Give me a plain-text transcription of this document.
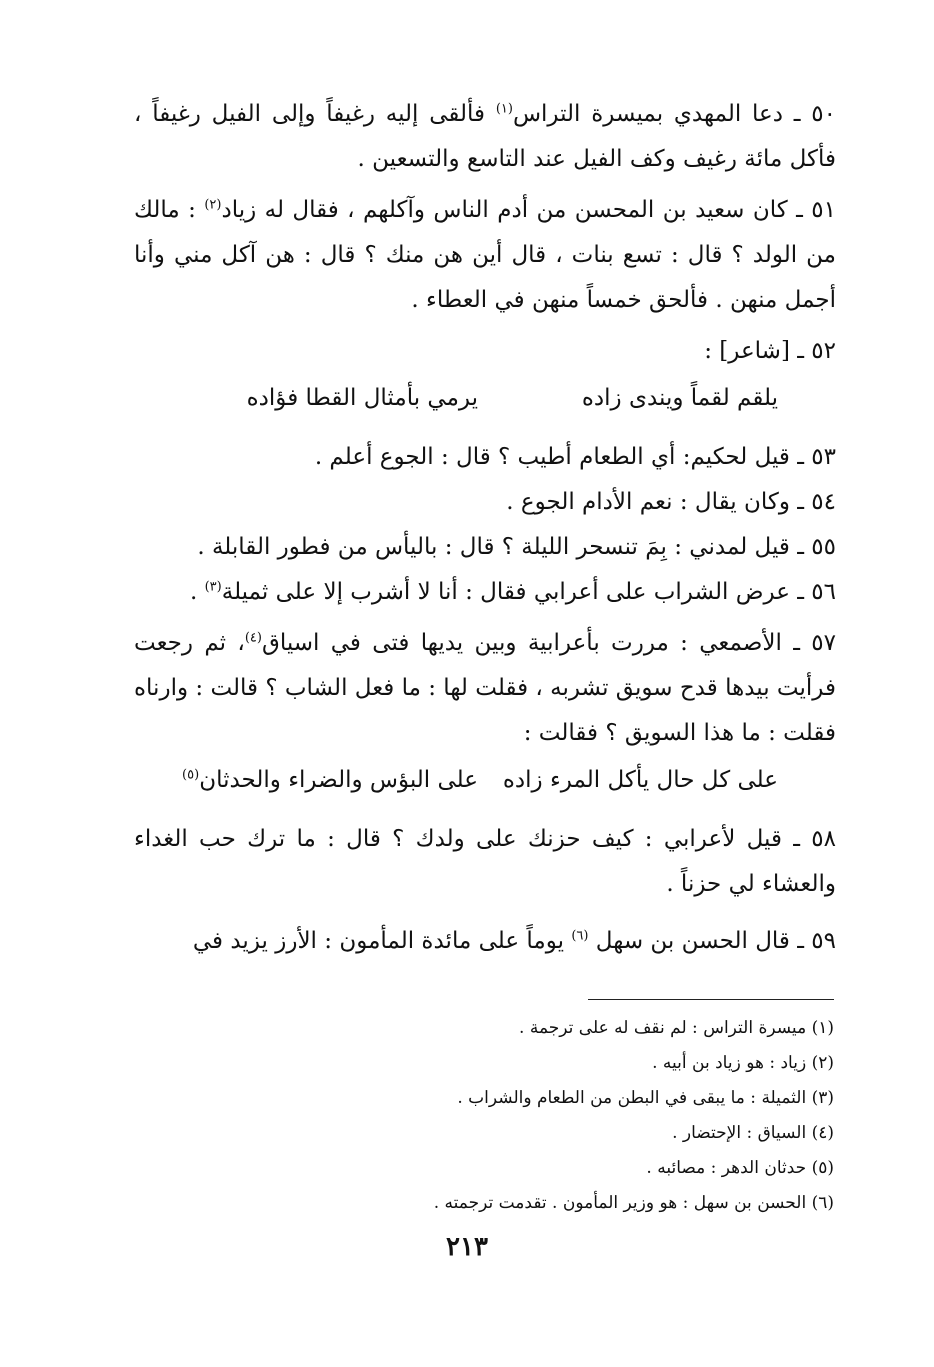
٥٠ ـ دعا المهدي بميسرة التراس$^{(١)}$ فألقى إليه رغيفاً وإلى الفيل رغيفاً ، فأكل مائة رغيف وكف الفيل عند التاسع والتسعين .

٥١ ـ كان سعيد بن المحسن من أدم الناس وآكلهم ، فقال له زياد$^{(٢)}$ : مالك من الولد ؟ قال : تسع بنات ، قال أين هن منك ؟ قال : هن آكل مني وأنا أجمل منهن . فألحق خمساً منهن في العطاء .

٥٢ ـ [شاعر] :

يلقم لقماً ويندى زاده
يرمي بأمثال القطا فؤاده

٥٣ ـ قيل لحكيم: أي الطعام أطيب ؟ قال : الجوع أعلم .

٥٤ ـ وكان يقال : نعم الأدام الجوع .

٥٥ ـ قيل لمدني : بِمَ تنسحر الليلة ؟ قال : باليأس من فطور القابلة .

٥٦ ـ عرض الشراب على أعرابي فقال : أنا لا أشرب إلا على ثميلة$^{(٣)}$ .

٥٧ ـ الأصمعي : مررت بأعرابية وبين يديها فتى في اسياق$^{(٤)}$، ثم رجعت فرأيت بيدها قدح سويق تشربه ، فقلت لها : ما فعل الشاب ؟ قالت : وارناه فقلت : ما هذا السويق ؟ فقالت :

على كل حال يأكل المرء زاده
على البؤس والضراء والحدثان$^{(٥)}$

٥٨ ـ قيل لأعرابي : كيف حزنك على ولدك ؟ قال : ما ترك حب الغداء والعشاء لي حزناً .

٥٩ ـ قال الحسن بن سهل $^{(٦)}$ يوماً على مائدة المأمون : الأرز يزيد في

(١) ميسرة التراس : لم نقف له على ترجمة .
(٢) زياد : هو زياد بن أبيه .
(٣) الثميلة : ما يبقى في البطن من الطعام والشراب .
(٤) السياق : الإحتضار .
(٥) حدثان الدهر : مصائبه .
(٦) الحسن بن سهل : هو وزير المأمون . تقدمت ترجمته .
٢١٣
